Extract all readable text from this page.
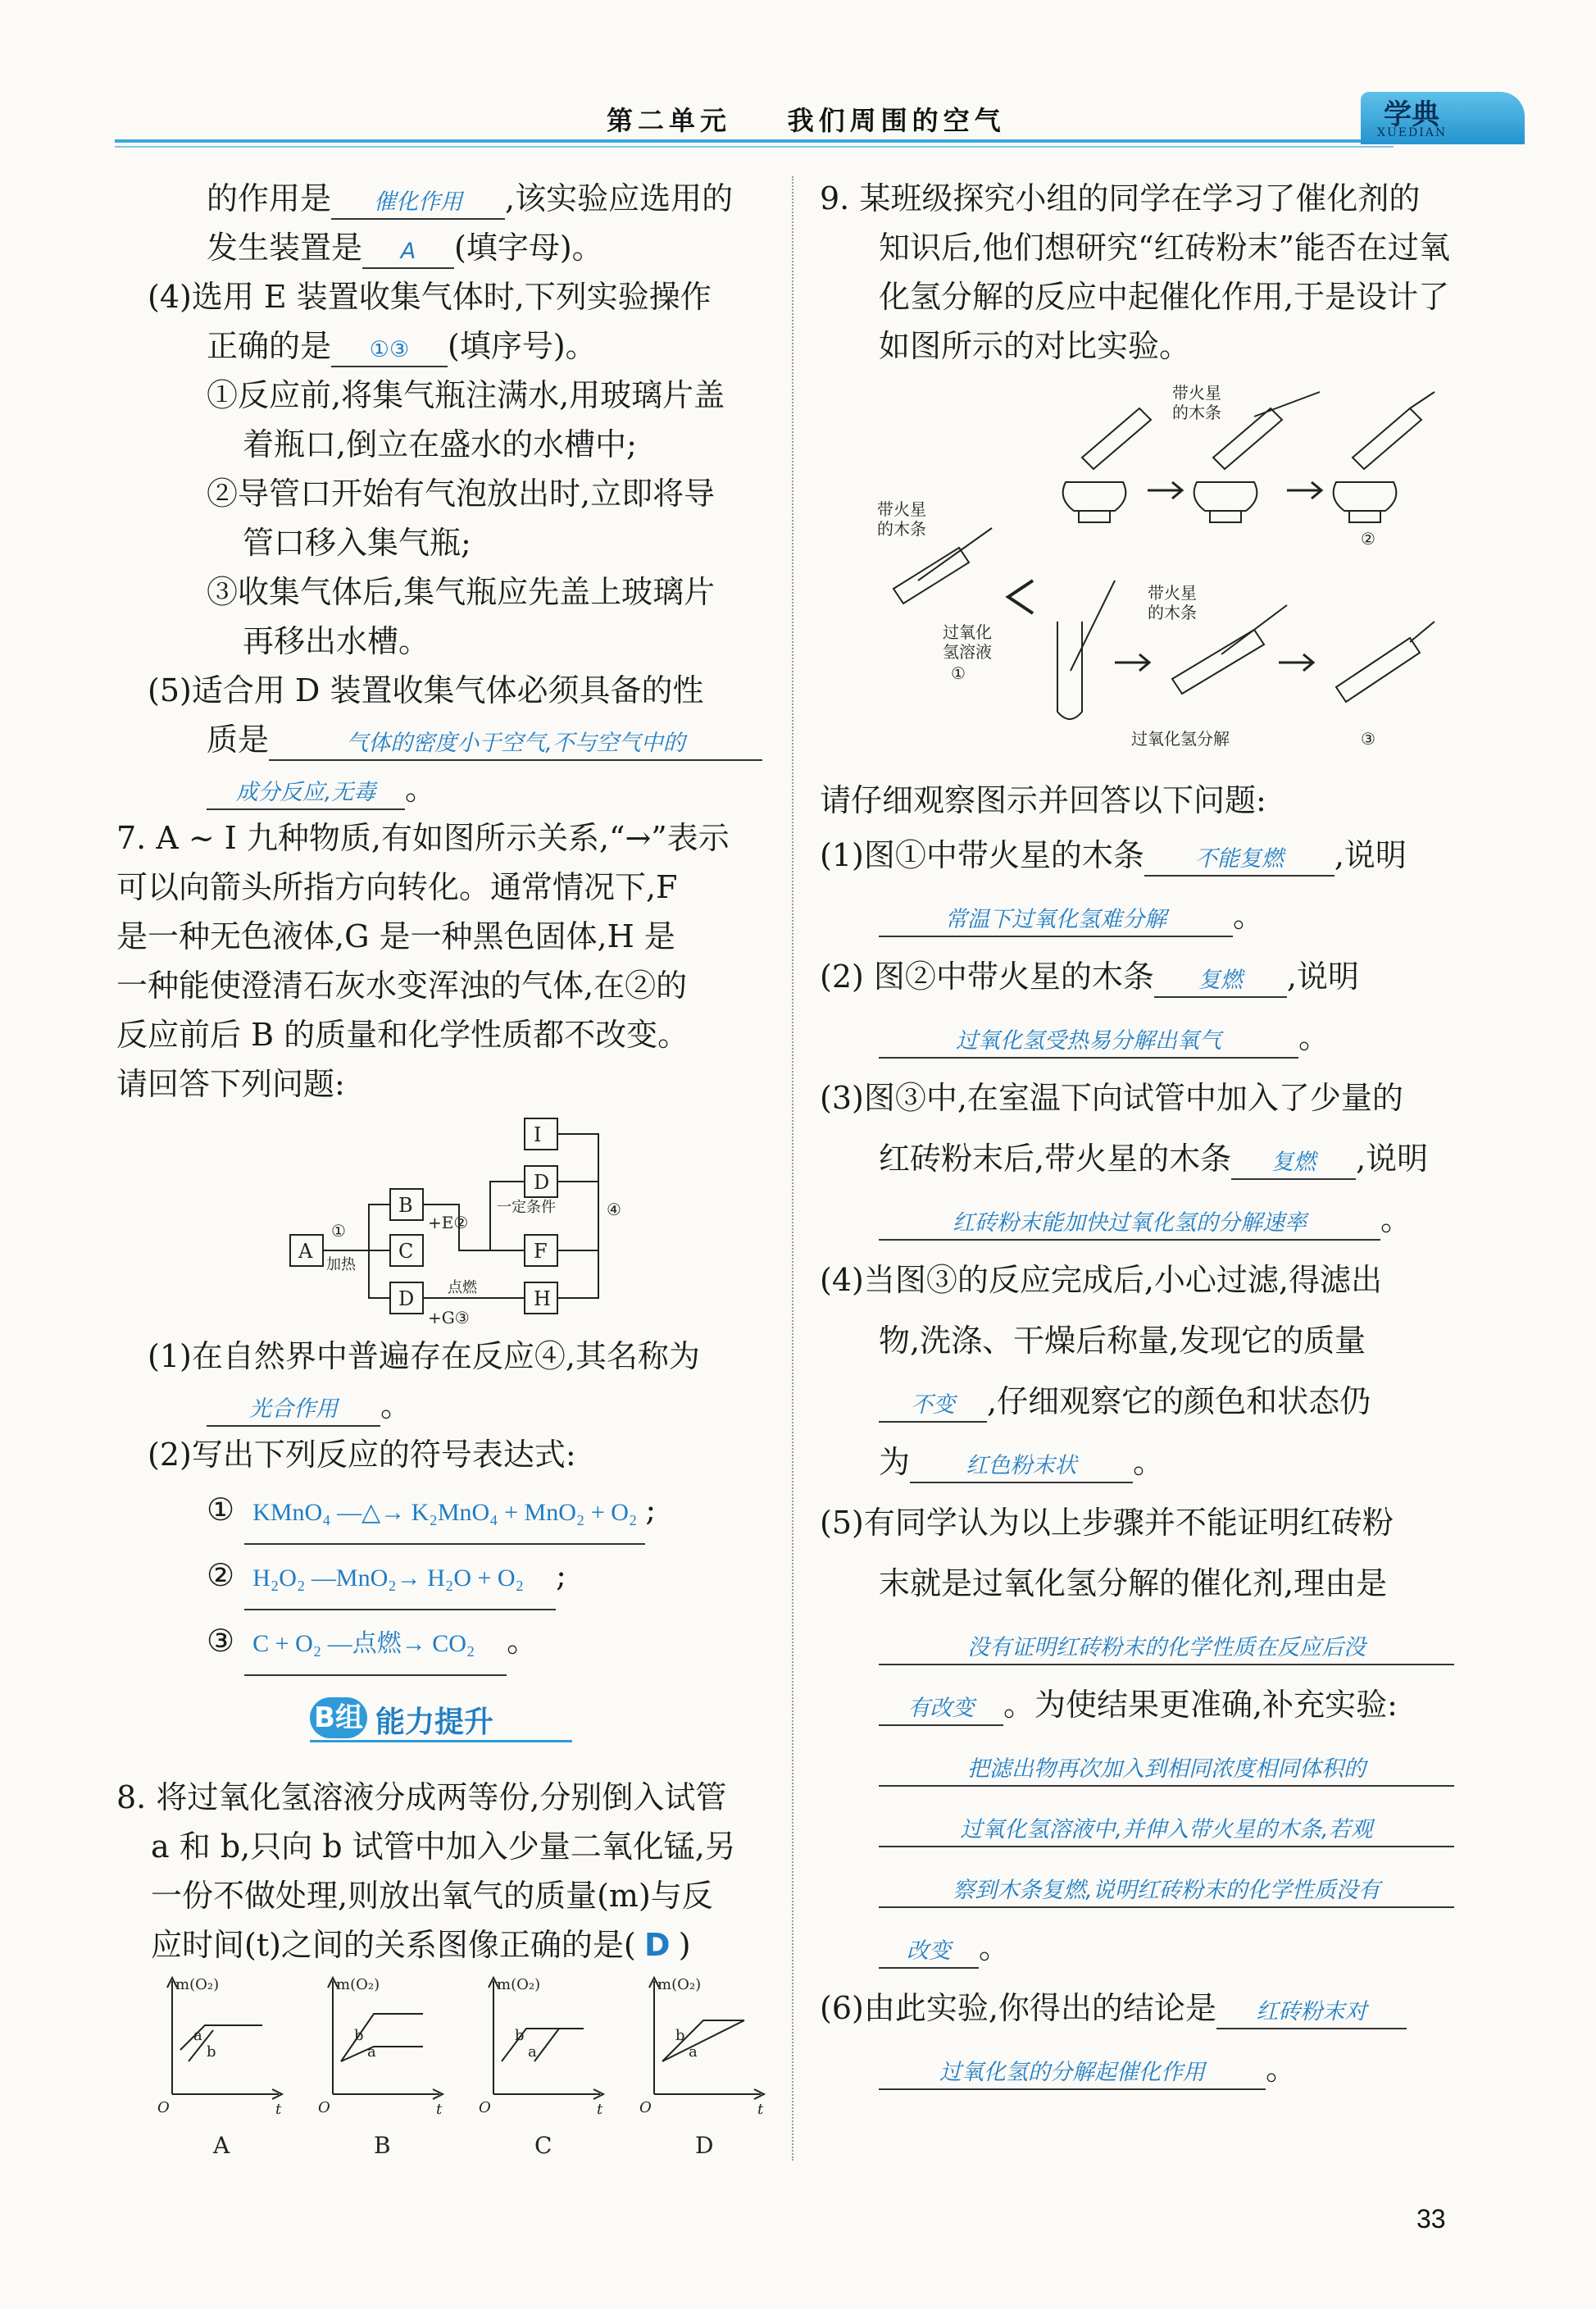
第二单元    我们周围的空气	学典
XUEDIAN
的作用是 催化作用 ,该实验应选用的
发生装置是 A (填字母)。
(4)选用 E 装置收集气体时,下列实验操作
正确的是 ①③ (填序号)。
①反应前,将集气瓶注满水,用玻璃片盖
着瓶口,倒立在盛水的水槽中;
②导管口开始有气泡放出时,立即将导
管口移入集气瓶;
③收集气体后,集气瓶应先盖上玻璃片
再移出水槽。
(5)适合用 D 装置收集气体必须具备的性
质是	气体的密度小于空气,不与空气中的
成分反应,无毒 。
7. A ~ I 九种物质,有如图所示关系,“→”表示
可以向箭头所指方向转化。通常情况下,F
是一种无色液体,G 是一种黑色固体,H 是
一种能使澄清石灰水变浑浊的气体,在②的
反应前后 B 的质量和化学性质都不改变。
请回答下列问题:
A
B
C
D
I
D
F
H
①
加热
+E②
点燃
+G③
一定条件	④
(1)在自然界中普遍存在反应④,其名称为
光合作用 。
(2)写出下列反应的符号表达式:
① KMnO₄ —△→ K₂MnO₄ + MnO₂ + O₂ ;
② H₂O₂ —MnO₂→ H₂O + O₂ ;
③ C + O₂ —点燃→ CO₂ 。
B组 能力提升
8. 将过氧化氢溶液分成两等份,分别倒入试管
a 和 b,只向 b 试管中加入少量二氧化锰,另
一份不做处理,则放出氧气的质量(m)与反
应时间(t)之间的关系图像正确的是( D )
m(O₂)
t
O
a
b
A
m(O₂)
t
O
b
a
B
m(O₂)
t
O
b
a
C
m(O₂)
t
O
b
a
D
9. 某班级探究小组的同学在学习了催化剂的
知识后,他们想研究“红砖粉末”能否在过氧
化氢分解的反应中起催化作用,于是设计了
如图所示的对比实验。
带火星
的木条
过氧化
氢溶液
①
带火星
的木条
②
带火星
的木条
过氧化氢分解	③
请仔细观察图示并回答以下问题:
(1)图①中带火星的木条 不能复燃 ,说明
常温下过氧化氢难分解 。
(2) 图②中带火星的木条 复燃 ,说明
过氧化氢受热易分解出氧气 。
(3)图③中,在室温下向试管中加入了少量的
红砖粉末后,带火星的木条 复燃 ,说明
红砖粉末能加快过氧化氢的分解速率 。
(4)当图③的反应完成后,小心过滤,得滤出
物,洗涤、干燥后称量,发现它的质量
不变 ,仔细观察它的颜色和状态仍
为	红色粉末状 。
(5)有同学认为以上步骤并不能证明红砖粉
末就是过氧化氢分解的催化剂,理由是
没有证明红砖粉末的化学性质在反应后没
有改变 。为使结果更准确,补充实验:
把滤出物再次加入到相同浓度相同体积的
过氧化氢溶液中,并伸入带火星的木条,若观
察到木条复燃,说明红砖粉末的化学性质没有
改变 。
(6)由此实验,你得出的结论是 红砖粉末对
过氧化氢的分解起催化作用 。
33
